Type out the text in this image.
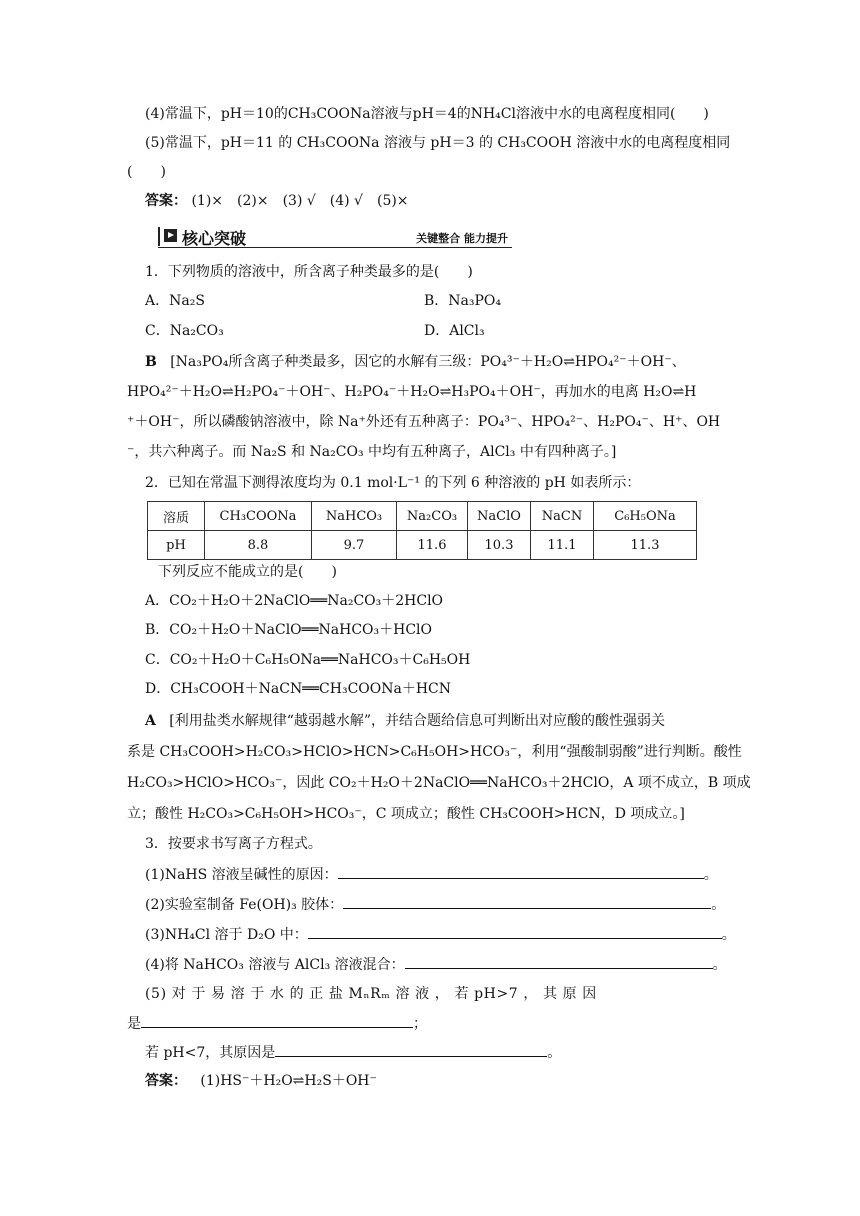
(4)常温下，pH＝10的CH₃COONa溶液与pH＝4的NH₄Cl溶液中水的电离程度相同(　　)
(5)常温下，pH＝11 的 CH₃COONa 溶液与 pH＝3 的 CH₃COOH 溶液中水的电离程度相同
(　　)
答案： (1)×　(2)×　(3) √　(4) √　(5)×
核心突破	关键整合 能力提升
1．下列物质的溶液中，所含离子种类最多的是(　　)
A．Na₂S	B．Na₃PO₄
C．Na₂CO₃	D．AlCl₃
B [Na₃PO₄所含离子种类最多，因它的水解有三级：PO₄³⁻＋H₂O⇌HPO₄²⁻＋OH⁻、
HPO₄²⁻＋H₂O⇌H₂PO₄⁻＋OH⁻、H₂PO₄⁻＋H₂O⇌H₃PO₄＋OH⁻，再加水的电离 H₂O⇌H
⁺＋OH⁻，所以磷酸钠溶液中，除 Na⁺外还有五种离子：PO₄³⁻、HPO₄²⁻、H₂PO₄⁻、H⁺、OH
⁻，共六种离子。而 Na₂S 和 Na₂CO₃ 中均有五种离子，AlCl₃ 中有四种离子。]
2．已知在常温下测得浓度均为 0.1 mol·L⁻¹ 的下列 6 种溶液的 pH 如表所示：
溶质	CH₃COONa	NaHCO₃	Na₂CO₃	NaClO	NaCN	C₆H₅ONa
pH	8.8	9.7	11.6	10.3	11.1	11.3
下列反应不能成立的是(　　)
A．CO₂＋H₂O＋2NaClO══Na₂CO₃＋2HClO
B．CO₂＋H₂O＋NaClO══NaHCO₃＋HClO
C．CO₂＋H₂O＋C₆H₅ONa══NaHCO₃＋C₆H₅OH
D．CH₃COOH＋NaCN══CH₃COONa＋HCN
A [利用盐类水解规律“越弱越水解”，并结合题给信息可判断出对应酸的酸性强弱关
系是 CH₃COOH>H₂CO₃>HClO>HCN>C₆H₅OH>HCO₃⁻，利用“强酸制弱酸”进行判断。酸性
H₂CO₃>HClO>HCO₃⁻，因此 CO₂＋H₂O＋2NaClO══NaHCO₃＋2HClO，A 项不成立，B 项成
立；酸性 H₂CO₃>C₆H₅OH>HCO₃⁻，C 项成立；酸性 CH₃COOH>HCN，D 项成立。]
3．按要求书写离子方程式。
(1)NaHS 溶液呈碱性的原因：	。
(2)实验室制备 Fe(OH)₃ 胶体：	。
(3)NH₄Cl 溶于 D₂O 中：	。
(4)将 NaHCO₃ 溶液与 AlCl₃ 溶液混合：	。
(5) 对 于 易 溶 于 水 的 正 盐 MₙRₘ 溶 液 ， 若 pH>7 ， 其 原 因
是	；
若 pH<7，其原因是	。
答案： (1)HS⁻＋H₂O⇌H₂S＋OH⁻
